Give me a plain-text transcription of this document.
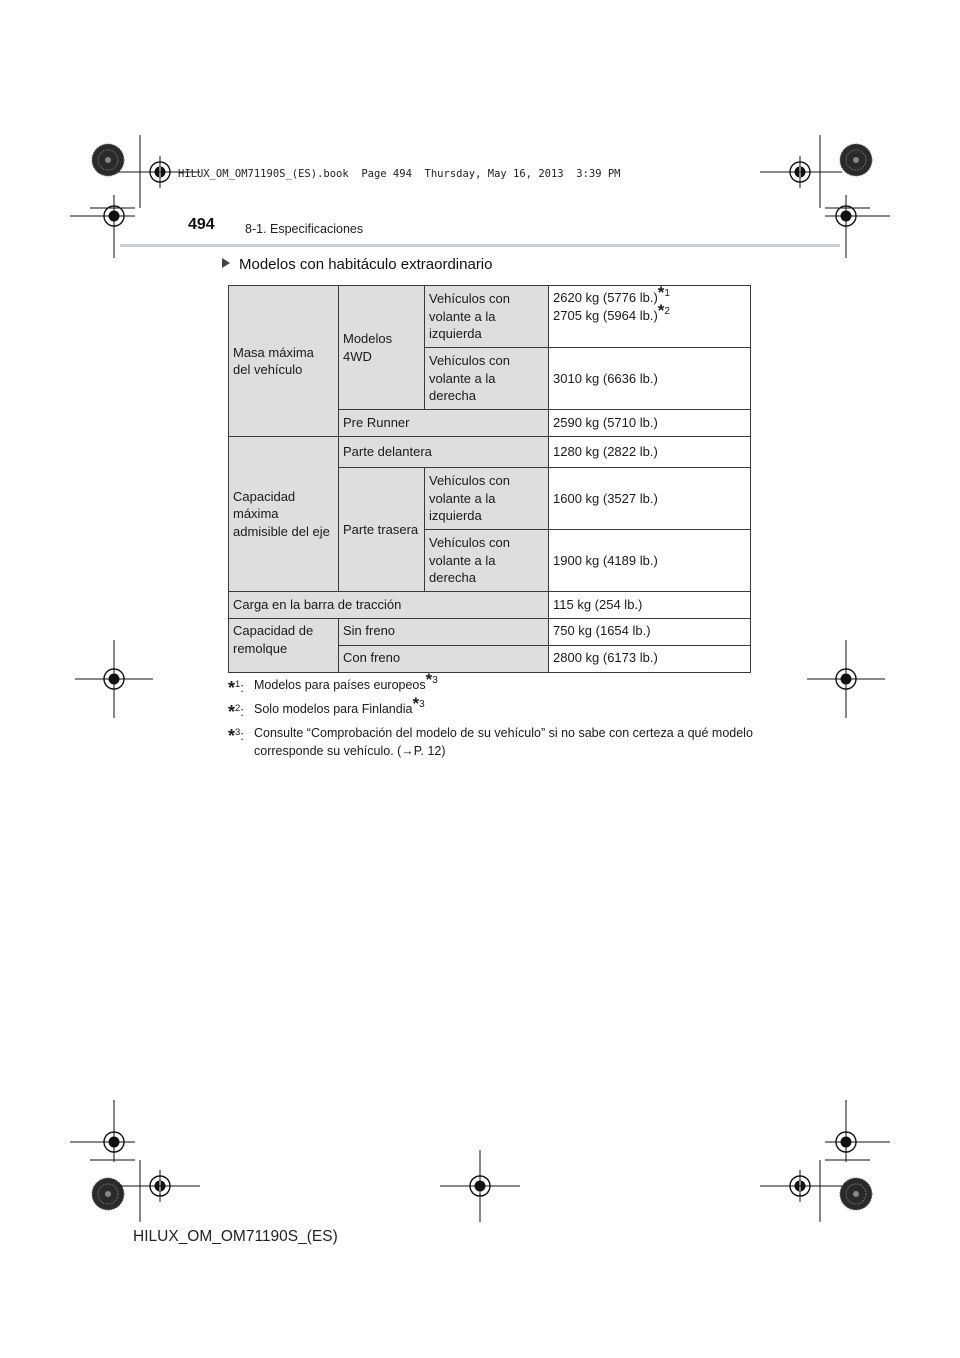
HILUX_OM_OM71190S_(ES).book  Page 494  Thursday, May 16, 2013  3:39 PM
494 8-1. Especificaciones
Modelos con habitáculo extraordinario
Masa máxima del vehículo	Modelos 4WD	Vehículos con volante a la izquierda	2620 kg (5776 lb.)$^{*1}$
2705 kg (5964 lb.)$^{*2}$

		Vehículos con volante a la derecha	3010 kg (6636 lb.)
	Pre Runner		2590 kg (5710 lb.)
Capacidad máxima admisible del eje	Parte delantera		1280 kg (2822 lb.)
	Parte trasera	Vehículos con volante a la izquierda	1600 kg (3527 lb.)
		Vehículos con volante a la derecha	1900 kg (4189 lb.)
Carga en la barra de tracción			115 kg (254 lb.)
Capacidad de remolque	Sin freno		750 kg (1654 lb.)
	Con freno		2800 kg (6173 lb.)
*$^1$: Modelos para países europeos$^{*3}$
*$^2$: Solo modelos para Finlandia$^{*3}$
*$^3$: Consulte “Comprobación del modelo de su vehículo” si no sabe con certeza a qué modelo corresponde su vehículo. (→P. 12)
HILUX_OM_OM71190S_(ES)
